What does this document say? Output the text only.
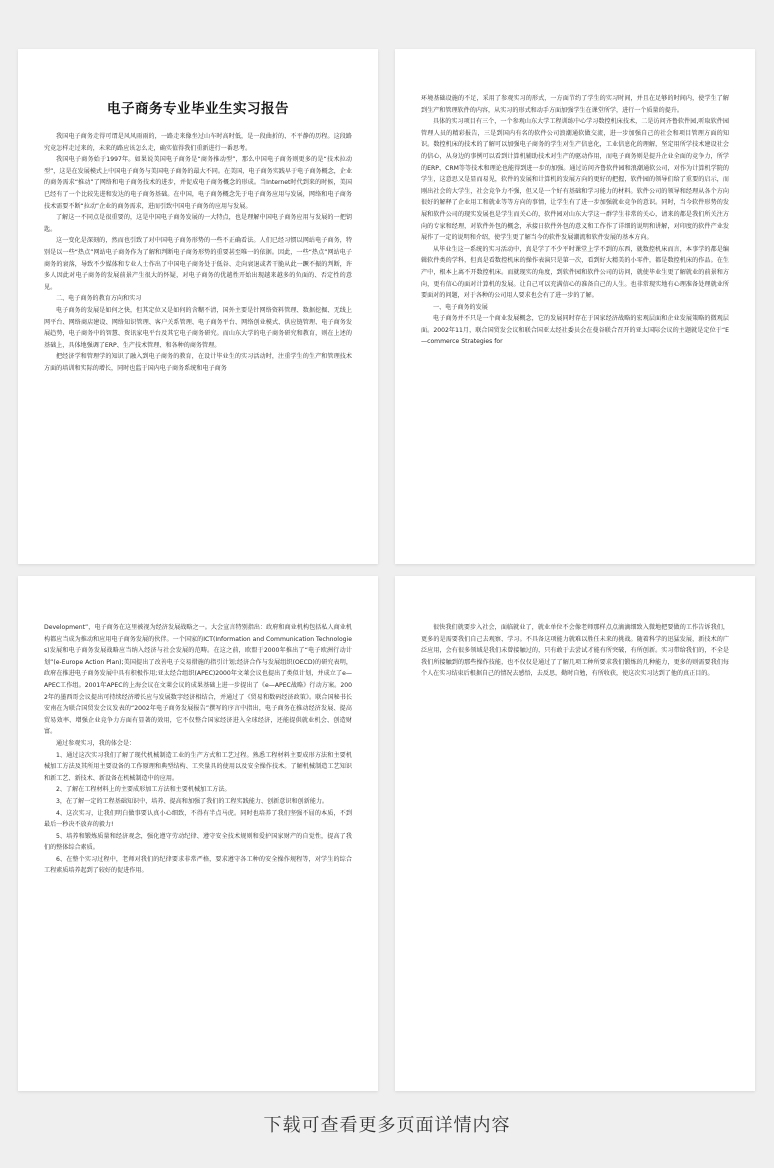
电子商务专业毕业生实习报告

我国电子商务走得可谓是风风雨雨的，一路走来像坐过山车时高时低，是一段曲折的、不平静的历程。这段路究竟怎样走过来的，未来的路应该怎么走，确实值得我们重新进行一番思考。

我国电子商务始于1997年。如果说美国电子商务是“商务推动型”，那么中国电子商务则更多的是“技术拉动型”，这是在发展模式上中国电子商务与美国电子商务的最大不同。在美国，电子商务实践早于电子商务概念，企业的商务需求“推动”了网络和电子商务技术的进步，并促成电子商务概念的形成。当Internet时代到来的时候，美国已经有了一个比较先进和发达的电子商务基础。在中国，电子商务概念先于电子商务应用与发展，网络和电子商务技术需要不断“拉动”企业的商务需求，进而引致中国电子商务的应用与发展。

了解这一不同点是很重要的，这是中国电子商务发展的一大特点，也是理解中国电子商务应用与发展的一把钥匙。

这一变化是深刻的，然而也引致了对中国电子商务形势的一些不正确看法。人们已经习惯以网站电子商务，特别是以一些“热点”网站电子商务作为了解和判断电子商务形势的重要甚至唯一的依据。因此，一些“热点”网站电子商务的衰落，导致不少媒体和专业人士作出了中国电子商务处于低谷、走向衰退或者干脆从此一蹶不振的判断，许多人因此对电子商务的发展前景产生很大的怀疑，对电子商务的优越性开始出现越来越多的负面的、否定性的意见。

二、电子商务的教育方向和实习

电子商务的发展是如何之快，但其定位又是如何的含糊不清，国外主要是针网络资料管理、数据挖掘、无线上网平台、网络商店建设、网络知识管理、客户关系管理、电子商务平台、网络创业模式、供应链管理、电子商务发展趋势，电子商务中的智慧、资讯家电平台及其它电子商务研究。而山东大学的电子商务研究和教育，则在上述的基础上，具体地强调了ERP、生产技术管理、和各种的商务管理。

把经济学和管理学的知识了融入到电子商务的教育，在设计毕业生的实习活动时，注重学生的生产和管理技术方面的培训和实际的增长，同时也监于国内电子商务系统和电子商务

环境基础设施的不足，采用了参观实习的形式，一方面节约了学生的实习时间，并且在足够的时间内，使学生了解到生产和管理软件的内容，从实习的形式和动手方面加强学生在课堂所学，进行一个质量的提升。

具体的实习项目有三个，一个参观山东大学工程训练中心学习数控机床技术，二是访问齐鲁软件园,听取软件园管理人员的精彩报告，三是到国内有名的软件公司浪潮通软做交流，进一步加强自己的社会和项目管理方面的知识。数控机床的技术的了解可以加强电子商务的学生对生产信息化，工业信息化的理解，坚定用所学技术建设社会的信心，从身边的事例可以看到计算机辅助技术对生产的驱动作用，而电子商务则是提升企业全面的竞争力，所学的ERP、CRM等等技术和理论也能得到进一步的加强。通过访问齐鲁软件园和浪潮通软公司，对作为计算机学院的学生，这意思又是显而易见，软件的发展和计算机的发展方向的更好的把握，软件园的领导们给了重要的启示，而刚出社会的大学生，社会竞争力不强，但又是一个好有基础和学习能力的材料。软件公司的领导和经理从各个方向很好的解释了企业用工和就业等等方向的事情，让学生有了进一步加强就业竞争的意识。同时，当今软件形势的发展和软件公司的现实发展也是学生而关心的，软件园对山东大学这一群学生非常的关心，请来的都是我们所关注方向的专家和经理，对软件外包的概念，承接日软件外包的意义和工作作了详细的说明和讲解，对印度的软件产业发展作了一定的说明和介绍，使学生更了解当今的软件发展潮流和软件发展的基本方向。

从毕业生这一系统的实习活动中，真是学了不少平时课堂上学不到的东西，就数控机床而言，本事学的都是编辑软件类的学科，但真是看数控机床的操作表演只是第一次，看到好大精美的小零件，都是数控机床的作品。在生产中，根本上离不开数控机床。而就现实的角度，到软件园和软件公司的访问，就使毕业生更了解就业的前景和方向，更有信心的面对计算机的发展。让自己可以充满信心的准备自己的人生。也非常现实地有心理准备处理就业所要面对的问题，对于各种的公司用人要求也会有了进一步的了解。

一、电子商务的发展

电子商务并不只是一个商业发展概念，它的发展同时存在于国家经济战略的宏观层面和企业发展策略的微观层面。2002年11月，联合国贸发会议和联合国亚太经社委员会在曼谷联合召开的亚太国际会议的主题就是定位于“E—commerce Strategies for

Development”，电子商务在这里被视为经济发展战略之一。大会宣言特别指出：政府和商业机构包括私人商业机构都应当成为推动和应用电子商务发展的伙伴。一个国家的ICT(Information and Communication Technologies)发展和电子商务发展战略应当纳入经济与社会发展的范畴。在这之前，欧盟于2000年推出了“电子欧洲行动计划”(e-Europe Action Plan);美国提出了改善电子交易措施的指引计划;经济合作与发展组织(OECD)的研究表明，政府在推进电子商务发展中具有积极作用;亚太经合组织(APEC)2000年文莱会议也提出了类似计划，并成立了e—APEC工作组。2001年APEC的上海会议在文莱会议的成果基础上进一步提出了《e—APEC战略》行动方案。2002年的墨西哥会议提出可持续经济增长应与发展数字经济相结合，并通过了《贸易和数码经济政策》。联合国秘书长安南在为联合国贸发会议发表的“2002年电子商务发展报告”撰写的序言中指出，电子商务在推动经济发展、提高贸易效率、增强企业竞争力方面有显著的效用，它不仅整合国家经济进入全球经济，还能提供就业机会、创造财富。

通过参观实习，我的体会是：

1、通过这次实习我们了解了现代机械制造工业的生产方式和工艺过程。熟悉工程材料主要成形方法和主要机械加工方法及其所用主要设备的工作原理和典型结构、工夹量具的使用以及安全操作技术。了解机械制造工艺知识和新工艺、新技术、新设备在机械制造中的应用。

2、了解在工程材料上的主要成形加工方法和主要机械加工方法。

3，在了解一定的工程基础知识中，培养、提高和加强了我们的工程实践能力、创新意识和创新能力。

4、这次实习，让我们明白做事要认真小心细致，不得有半点马虎。同时也培养了我们坚强不屈的本质，不到最后一秒决不放弃的毅力!

5、培养和锻炼质量和经济观念，强化遵守劳动纪律、遵守安全技术规则和爱护国家财产的自觉性，提高了我们的整体综合素质。

6、在整个实习过程中，老师对我们的纪律要求非常严格，要求遵守各工种的安全操作规程等，对学生的综合工程素质培养起到了较好的促进作用。

很快我们就要步入社会，面临就业了，就业单位不会像老师那样点点滴滴细致入微地把要做的工作告诉我们，更多的是需要我们自己去观察、学习。不具备这项能力就难以胜任未来的挑战。随着科学的迅猛发展，新技术的广泛应用，会有很多领域是我们未曾接触过的，只有敢于去尝试才能有所突破，有所创新。实习带给我们的，不全是我们所接触到的那些操作技能，也不仅仅是通过了了解几项工种所要求我们锻炼的几种能力，更多的则需要我们每个人在实习结束后根据自己的情况去感悟，去反思，勤时自勉，有所收获，使这次实习达到了他的真正目的。

下载可查看更多页面详情内容
